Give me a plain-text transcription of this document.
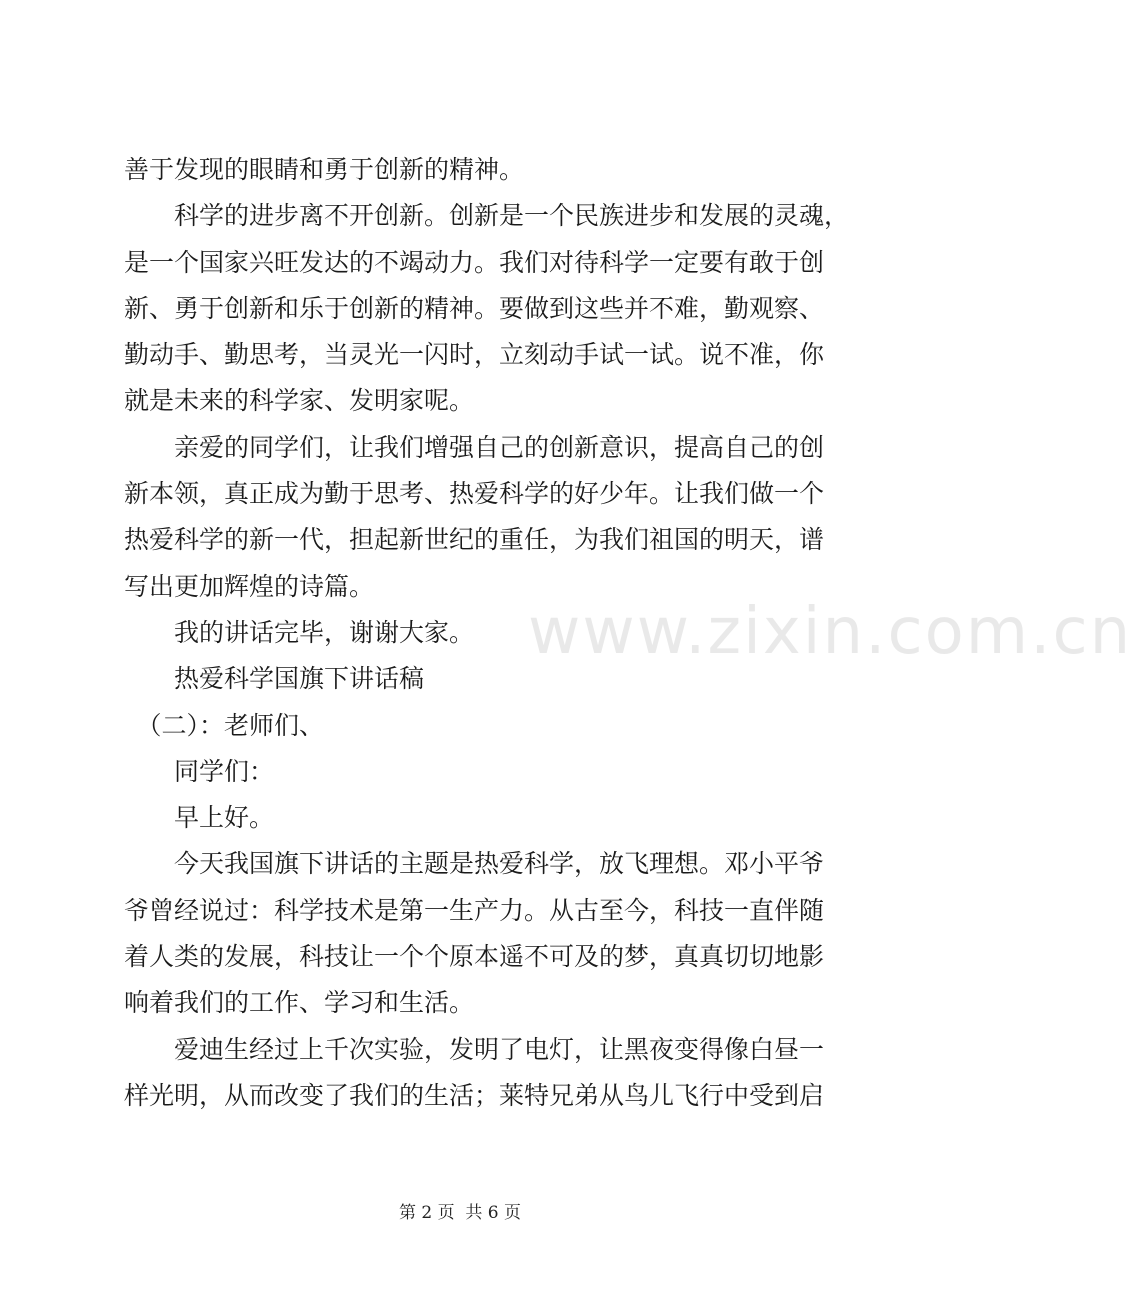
善于发现的眼睛和勇于创新的精神。
　　科学的进步离不开创新。创新是一个民族进步和发展的灵魂，
是一个国家兴旺发达的不竭动力。我们对待科学一定要有敢于创
新、勇于创新和乐于创新的精神。要做到这些并不难，勤观察、
勤动手、勤思考，当灵光一闪时，立刻动手试一试。说不准，你
就是未来的科学家、发明家呢。
　　亲爱的同学们，让我们增强自己的创新意识，提高自己的创
新本领，真正成为勤于思考、热爱科学的好少年。让我们做一个
热爱科学的新一代，担起新世纪的重任，为我们祖国的明天，谱
写出更加辉煌的诗篇。
　　我的讲话完毕，谢谢大家。
　　热爱科学国旗下讲话稿
　（二）：老师们、
　　同学们：
　　早上好。
　　今天我国旗下讲话的主题是热爱科学，放飞理想。邓小平爷
爷曾经说过：科学技术是第一生产力。从古至今，科技一直伴随
着人类的发展，科技让一个个原本遥不可及的梦，真真切切地影
响着我们的工作、学习和生活。
　　爱迪生经过上千次实验，发明了电灯，让黑夜变得像白昼一
样光明，从而改变了我们的生活；莱特兄弟从鸟儿飞行中受到启
www.zixin.com.cn
第 2 页  共 6 页
